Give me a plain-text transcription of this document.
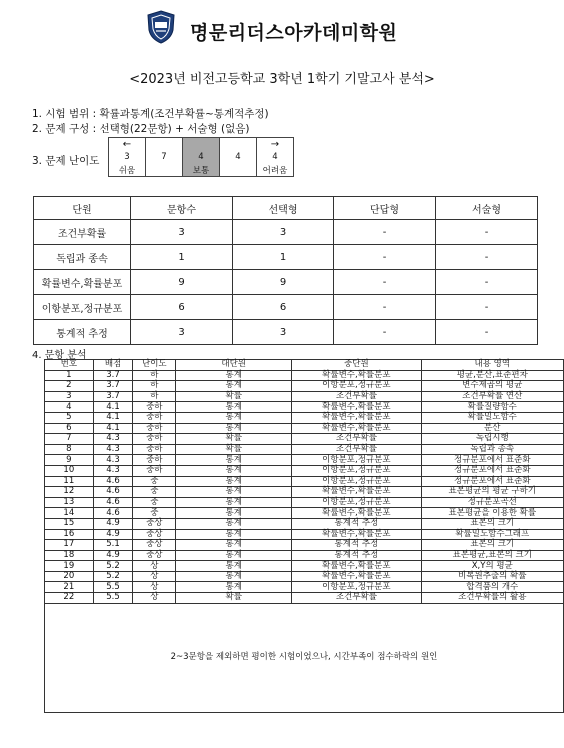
명문리더스아카데미학원
<2023년 비전고등학교 3학년 1학기 기말고사 분석>
1. 시험 범위 : 확률과통계(조건부확률~통계적추정)
2. 문제 구성 : 선택형(22문항) + 서술형 (없음)
3. 문제 난이도
←				→
3	7	4	4	4
쉬움		보통		어려움
단원	문항수	선택형	단답형	서술형
조건부확률	3	3	-	-
독립과 종속	1	1	-	-
확률변수,확률분포	9	9	-	-
이항분포,정규분포	6	6	-	-
통계적 추정	3	3	-	-
4. 문항 분석
번호	배점	난이도	대단원	중단원	내용 영역
1	3.7	하	통계	확률변수,확률분포	평균,분산,표준편차
2	3.7	하	통계	이항분포,정규분포	변수제곱의 평균
3	3.7	하	확률	조건부확률	조건부확률 연산
4	4.1	중하	통계	확률변수,확률분포	확률질량함수
5	4.1	중하	통계	확률변수,확률분포	확률밀도함수
6	4.1	중하	통계	확률변수,확률분포	분산
7	4.3	중하	확률	조건부확률	독립시행
8	4.3	중하	확률	조건부확률	독립과 종속
9	4.3	중하	통계	이항분포,정규분포	정규분포에서 표준화
10	4.3	중하	통계	이항분포,정규분포	정규분포에서 표준화
11	4.6	중	통계	이항분포,정규분포	정규분포에서 표준화
12	4.6	중	통계	확률변수,확률분포	표본평균의 평균 구하기
13	4.6	중	통계	이항분포,정규분포	정규분포곡선
14	4.6	중	통계	확률변수,확률분포	표본평균을 이용한 확률
15	4.9	중상	통계	통계적 추정	표본의 크기
16	4.9	중상	통계	확률변수,확률분포	확률밀도함수그래프
17	5.1	중상	통계	통계적 추정	표본의 크기
18	4.9	중상	통계	통계적 추정	표본평균,표본의 크기
19	5.2	상	통계	확률변수,확률분포	X,Y의 평균
20	5.2	상	통계	확률변수,확률분포	비복원추출의 확률
21	5.5	상	통계	이항분포,정규분포	합격품의 개수
22	5.5	상	확률	조건부확률	조건부확률의 활용

2~3문항을 제외하면 평이한 시험이었으나, 시간부족이 점수하락의 원인					
